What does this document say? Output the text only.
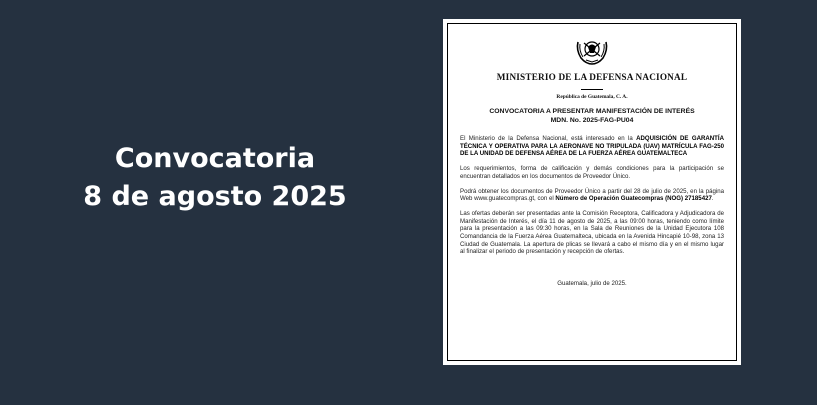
Convocatoria
8 de agosto 2025
MINISTERIO DE LA DEFENSA NACIONAL
República de Guatemala, C. A.
CONVOCATORIA A PRESENTAR MANIFESTACIÓN DE INTERÉS
MDN. No. 2025-FAG-PU04

El Ministerio de la Defensa Nacional, está interesado en la ADQUISICIÓN DE GARANTÍA TÉCNICA Y OPERATIVA PARA LA AERONAVE NO TRIPULADA (UAV) MATRÍCULA FAG-250 DE LA UNIDAD DE DEFENSA AÉREA DE LA FUERZA AÉREA GUATEMALTECA

Los requerimientos, forma de calificación y demás condiciones para la participación se encuentran detallados en los documentos de Proveedor Único.

Podrá obtener los documentos de Proveedor Único a partir del 28 de julio de 2025, en la página Web www.guatecompras.gt, con el Número de Operación Guatecompras (NOG) 27185427.

Las ofertas deberán ser presentadas ante la Comisión Receptora, Calificadora y Adjudicadora de Manifestación de Interés, el día 11 de agosto de 2025, a las 09:00 horas, teniendo como límite para la presentación a las 09:30 horas, en la Sala de Reuniones de la Unidad Ejecutora 108 Comandancia de la Fuerza Aérea Guatemalteca, ubicada en la Avenida Hincapié 10-98, zona 13 Ciudad de Guatemala. La apertura de plicas se llevará a cabo el mismo día y en el mismo lugar al finalizar el periodo de presentación y recepción de ofertas.

Guatemala, julio de 2025.
